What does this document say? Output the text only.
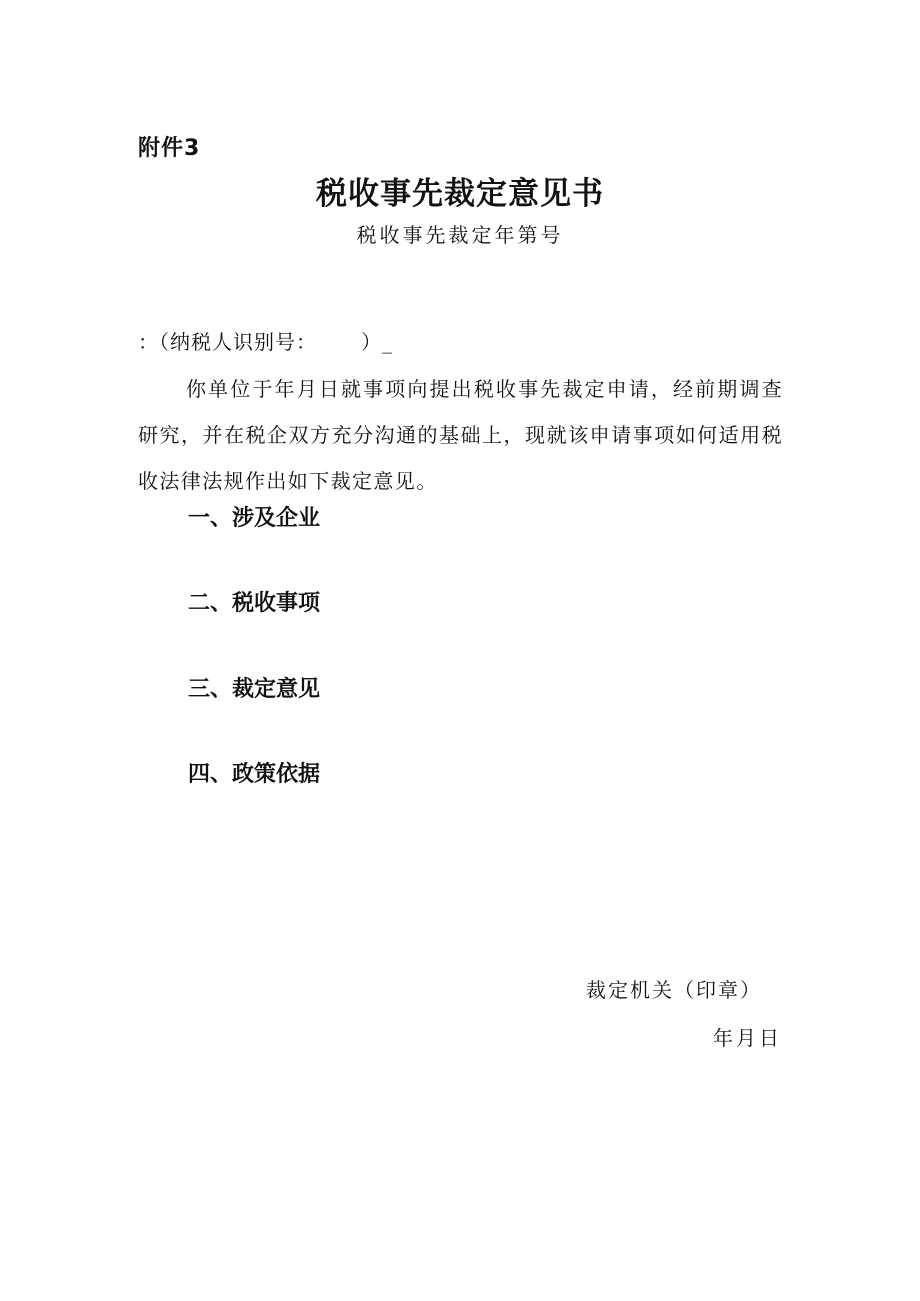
附件3
税收事先裁定意见书
税收事先裁定年第号
：（纳税人识别号：      ）_
你单位于年月日就事项向提出税收事先裁定申请，经前期调查研究，并在税企双方充分沟通的基础上，现就该申请事项如何适用税收法律法规作出如下裁定意见。
一、涉及企业
二、税收事项
三、裁定意见
四、政策依据
裁定机关（印章）
年月日
